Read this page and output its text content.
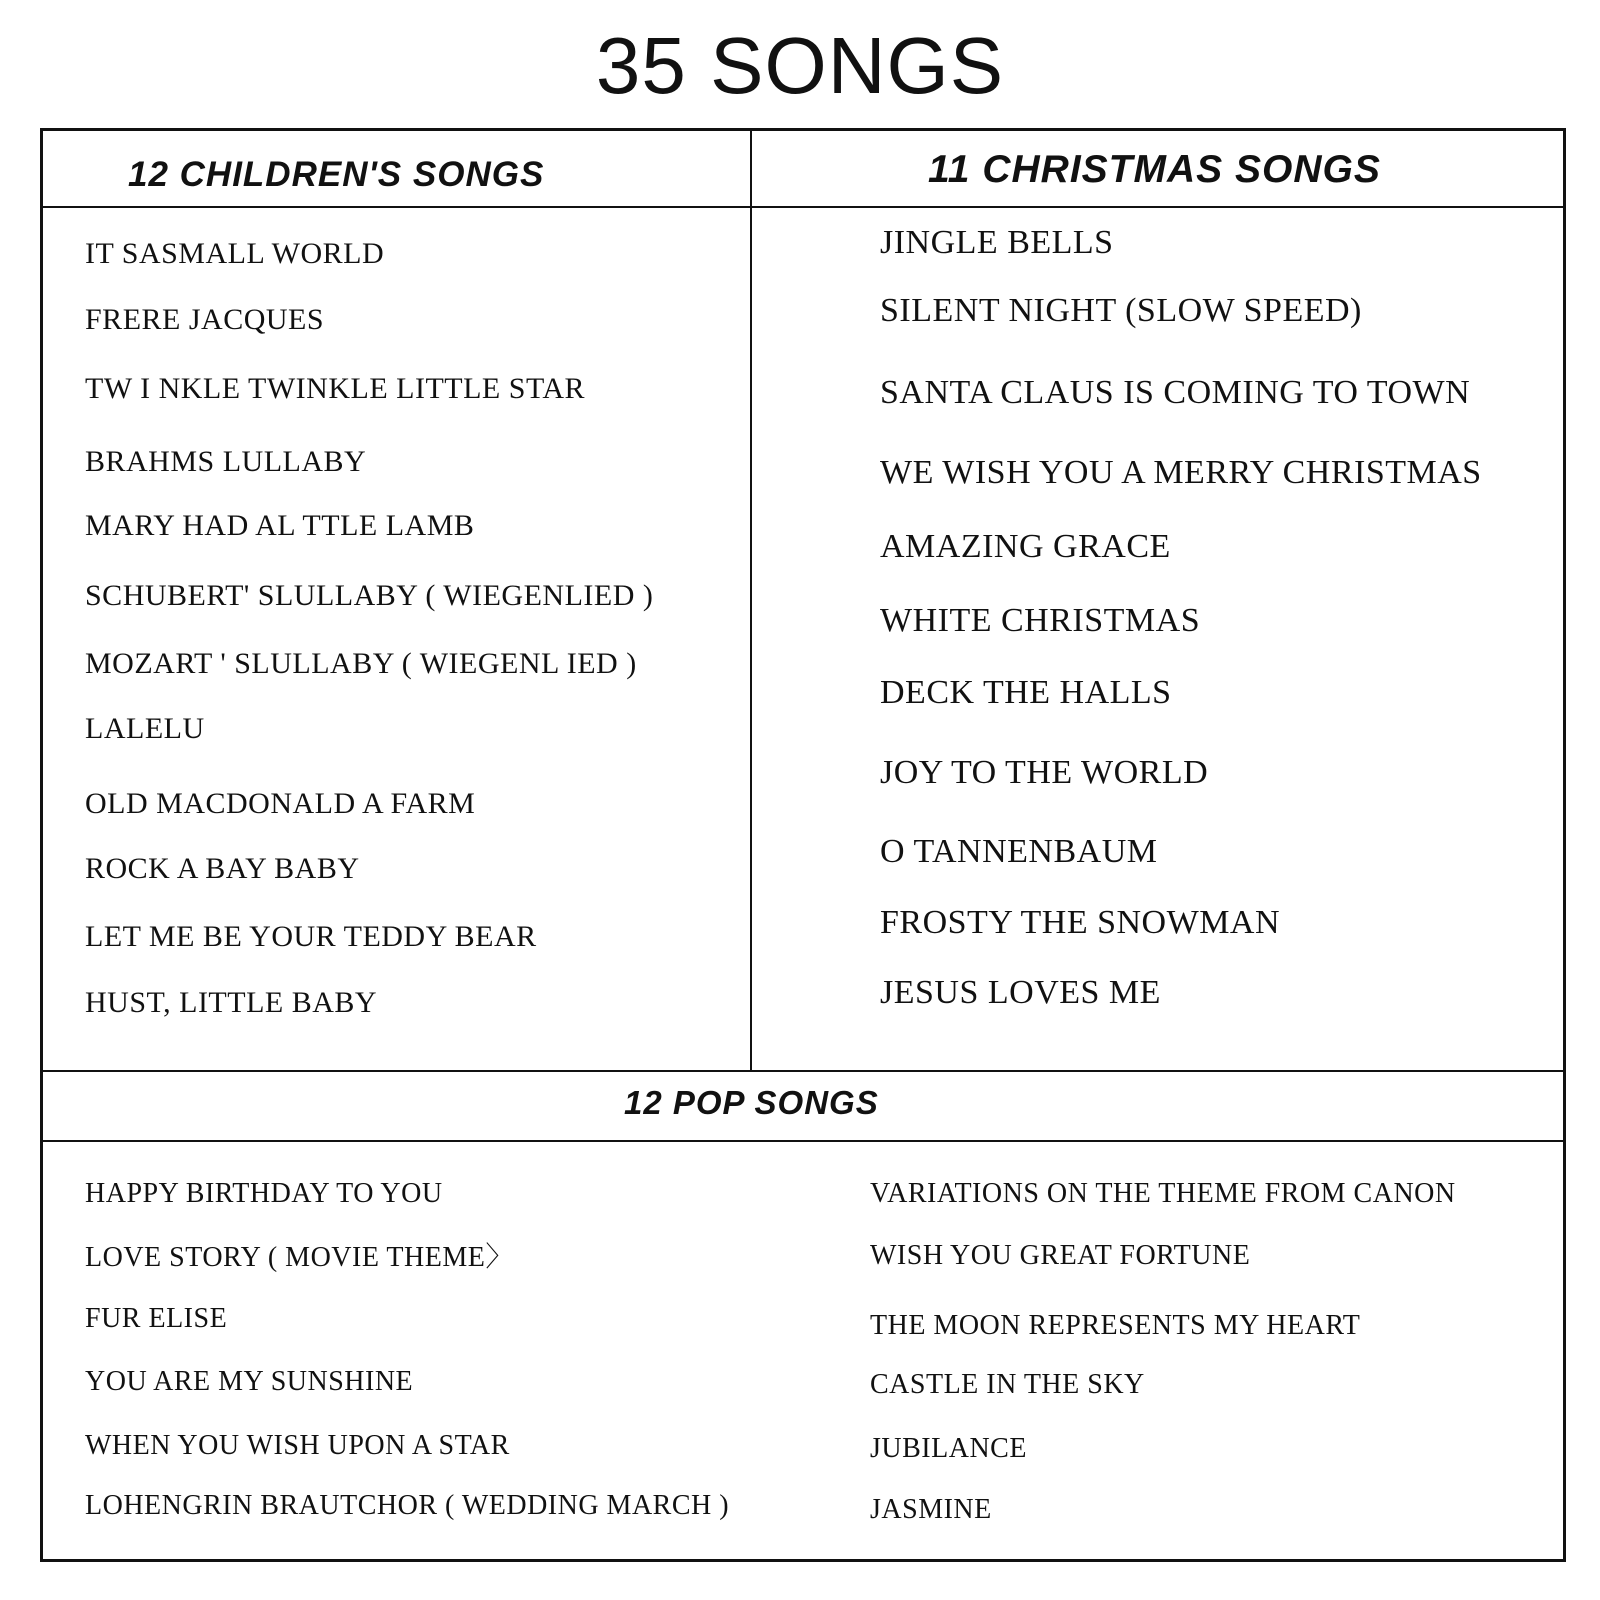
35 SONGS
12 CHILDREN'S SONGS	11 CHRISTMAS SONGS
12 POP SONGS
IT SASMALL WORLD
FRERE JACQUES
TW I NKLE TWINKLE LITTLE STAR
BRAHMS LULLABY
MARY HAD AL TTLE LAMB
SCHUBERT' SLULLABY ( WIEGENLIED )
MOZART ' SLULLABY ( WIEGENL IED )
LALELU
OLD MACDONALD A FARM
ROCK A BAY BABY
LET ME BE YOUR TEDDY BEAR
HUST, LITTLE BABY
JINGLE BELLS
SILENT NIGHT (SLOW SPEED)
SANTA CLAUS IS COMING TO TOWN
WE WISH YOU A MERRY CHRISTMAS
AMAZING GRACE
WHITE CHRISTMAS
DECK THE HALLS
JOY TO THE WORLD
O TANNENBAUM
FROSTY THE SNOWMAN
JESUS LOVES ME
HAPPY BIRTHDAY TO YOU
LOVE STORY ( MOVIE THEME〉
FUR ELISE
YOU ARE MY SUNSHINE
WHEN YOU WISH UPON A STAR
LOHENGRIN BRAUTCHOR ( WEDDING MARCH )
VARIATIONS ON THE THEME FROM CANON
WISH YOU GREAT FORTUNE
THE MOON REPRESENTS MY HEART
CASTLE IN THE SKY
JUBILANCE
JASMINE
